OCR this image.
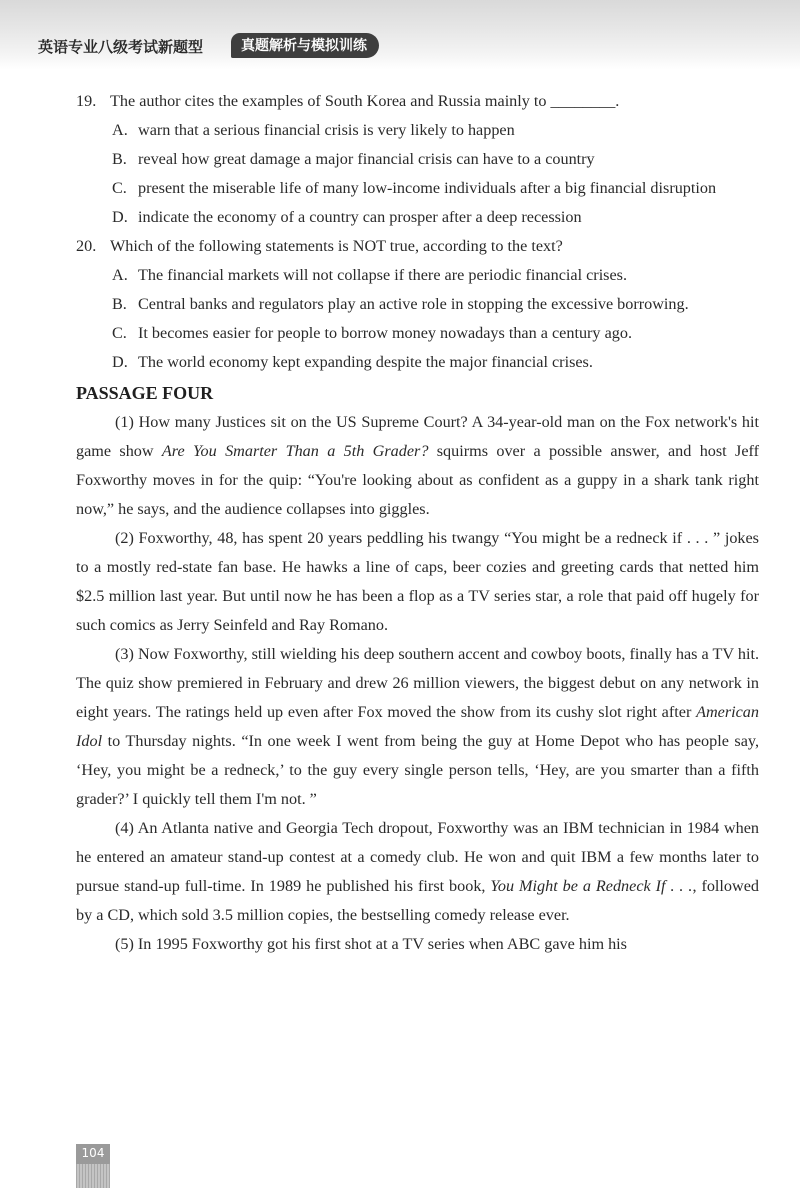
英语专业八级考试新题型	真题解析与模拟训练

19. The author cites the examples of South Korea and Russia mainly to ________.

A. warn that a serious financial crisis is very likely to happen
B. reveal how great damage a major financial crisis can have to a country
C. present the miserable life of many low-income individuals after a big financial disruption
D. indicate the economy of a country can prosper after a deep recession

20. Which of the following statements is NOT true, according to the text?

A. The financial markets will not collapse if there are periodic financial crises.
B. Central banks and regulators play an active role in stopping the excessive borrowing.
C. It becomes easier for people to borrow money nowadays than a century ago.
D. The world economy kept expanding despite the major financial crises.
PASSAGE FOUR

(1) How many Justices sit on the US Supreme Court? A 34-year-old man on the Fox network's hit game show Are You Smarter Than a 5th Grader? squirms over a possible answer, and host Jeff Foxworthy moves in for the quip: “You're looking about as confident as a guppy in a shark tank right now,” he says, and the audience collapses into giggles.

(2) Foxworthy, 48, has spent 20 years peddling his twangy “You might be a redneck if . . . ” jokes to a mostly red-state fan base. He hawks a line of caps, beer cozies and greeting cards that netted him $2.5 million last year. But until now he has been a flop as a TV series star, a role that paid off hugely for such comics as Jerry Seinfeld and Ray Romano.

(3) Now Foxworthy, still wielding his deep southern accent and cowboy boots, finally has a TV hit. The quiz show premiered in February and drew 26 million viewers, the biggest debut on any network in eight years. The ratings held up even after Fox moved the show from its cushy slot right after American Idol to Thursday nights. “In one week I went from being the guy at Home Depot who has people say, ‘Hey, you might be a redneck,’ to the guy every single person tells, ‘Hey, are you smarter than a fifth grader?’ I quickly tell them I'm not. ”

(4) An Atlanta native and Georgia Tech dropout, Foxworthy was an IBM technician in 1984 when he entered an amateur stand-up contest at a comedy club. He won and quit IBM a few months later to pursue stand-up full-time. In 1989 he published his first book, You Might be a Redneck If . . ., followed by a CD, which sold 3.5 million copies, the bestselling comedy release ever.

(5) In 1995 Foxworthy got his first shot at a TV series when ABC gave him his

104
